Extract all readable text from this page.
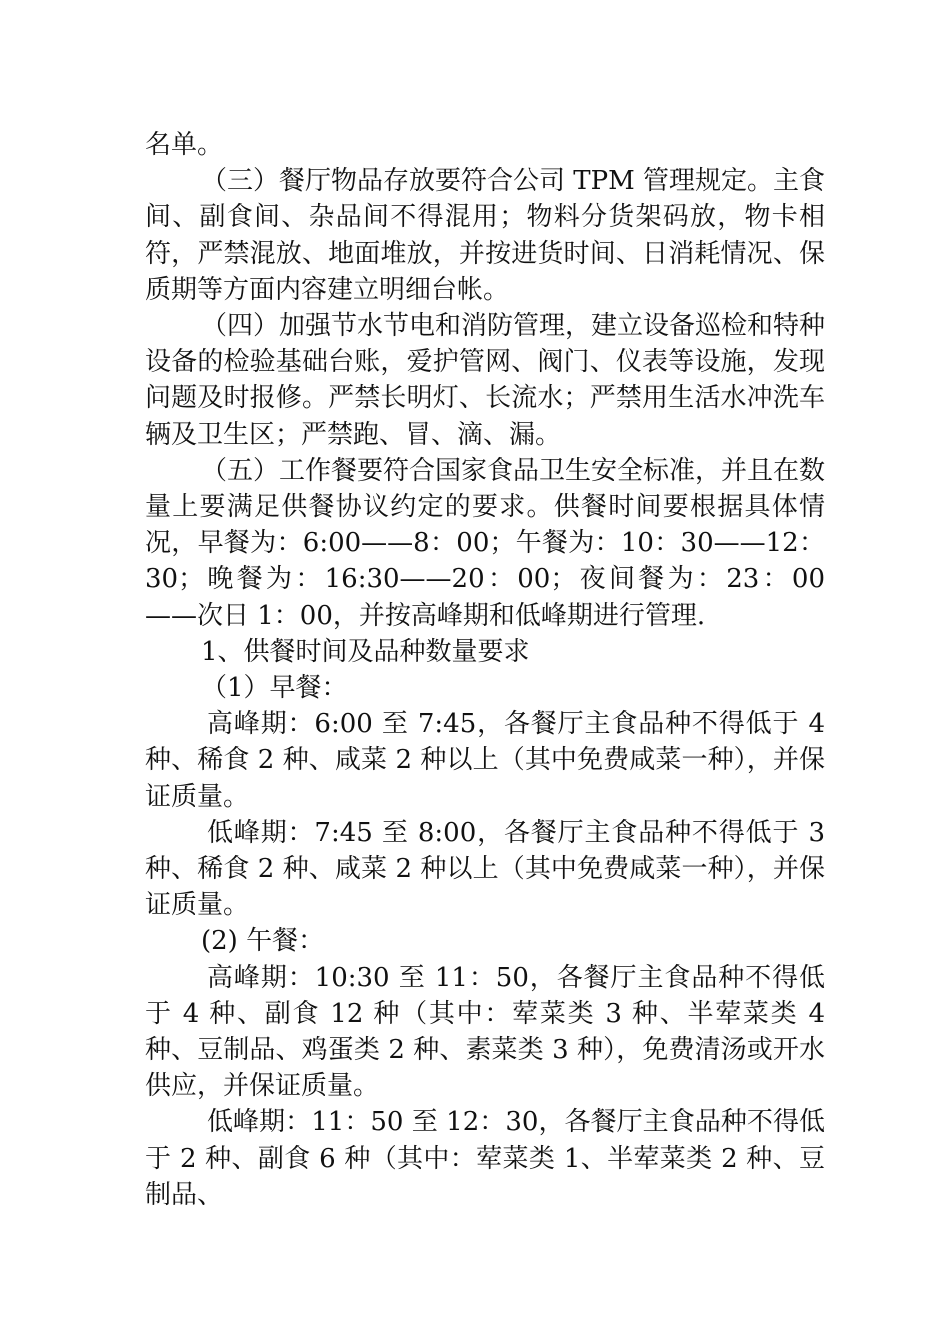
名单。

（三）餐厅物品存放要符合公司 TPM 管理规定。主食间、副食间、杂品间不得混用；物料分货架码放，物卡相符，严禁混放、地面堆放，并按进货时间、日消耗情况、保质期等方面内容建立明细台帐。

（四）加强节水节电和消防管理，建立设备巡检和特种设备的检验基础台账，爱护管网、阀门、仪表等设施，发现问题及时报修。严禁长明灯、长流水；严禁用生活水冲洗车辆及卫生区；严禁跑、冒、滴、漏。

（五）工作餐要符合国家食品卫生安全标准，并且在数量上要满足供餐协议约定的要求。供餐时间要根据具体情况，早餐为：6:00——8：00；午餐为：10：30——12：30；晚餐为：16:30——20：00；夜间餐为：23：00——次日 1：00，并按高峰期和低峰期进行管理.

1、供餐时间及品种数量要求

（1）早餐：

高峰期：6:00 至 7:45，各餐厅主食品种不得低于 4 种、稀食 2 种、咸菜 2 种以上（其中免费咸菜一种），并保证质量。

低峰期：7:45 至 8:00，各餐厅主食品种不得低于 3 种、稀食 2 种、咸菜 2 种以上（其中免费咸菜一种），并保证质量。

(2) 午餐：

高峰期：10:30 至 11：50，各餐厅主食品种不得低于 4 种、副食 12 种（其中：荤菜类 3 种、半荤菜类 4 种、豆制品、鸡蛋类 2 种、素菜类 3 种），免费清汤或开水供应，并保证质量。

低峰期：11：50 至 12：30，各餐厅主食品种不得低于 2 种、副食 6 种（其中：荤菜类 1、半荤菜类 2 种、豆制品、
